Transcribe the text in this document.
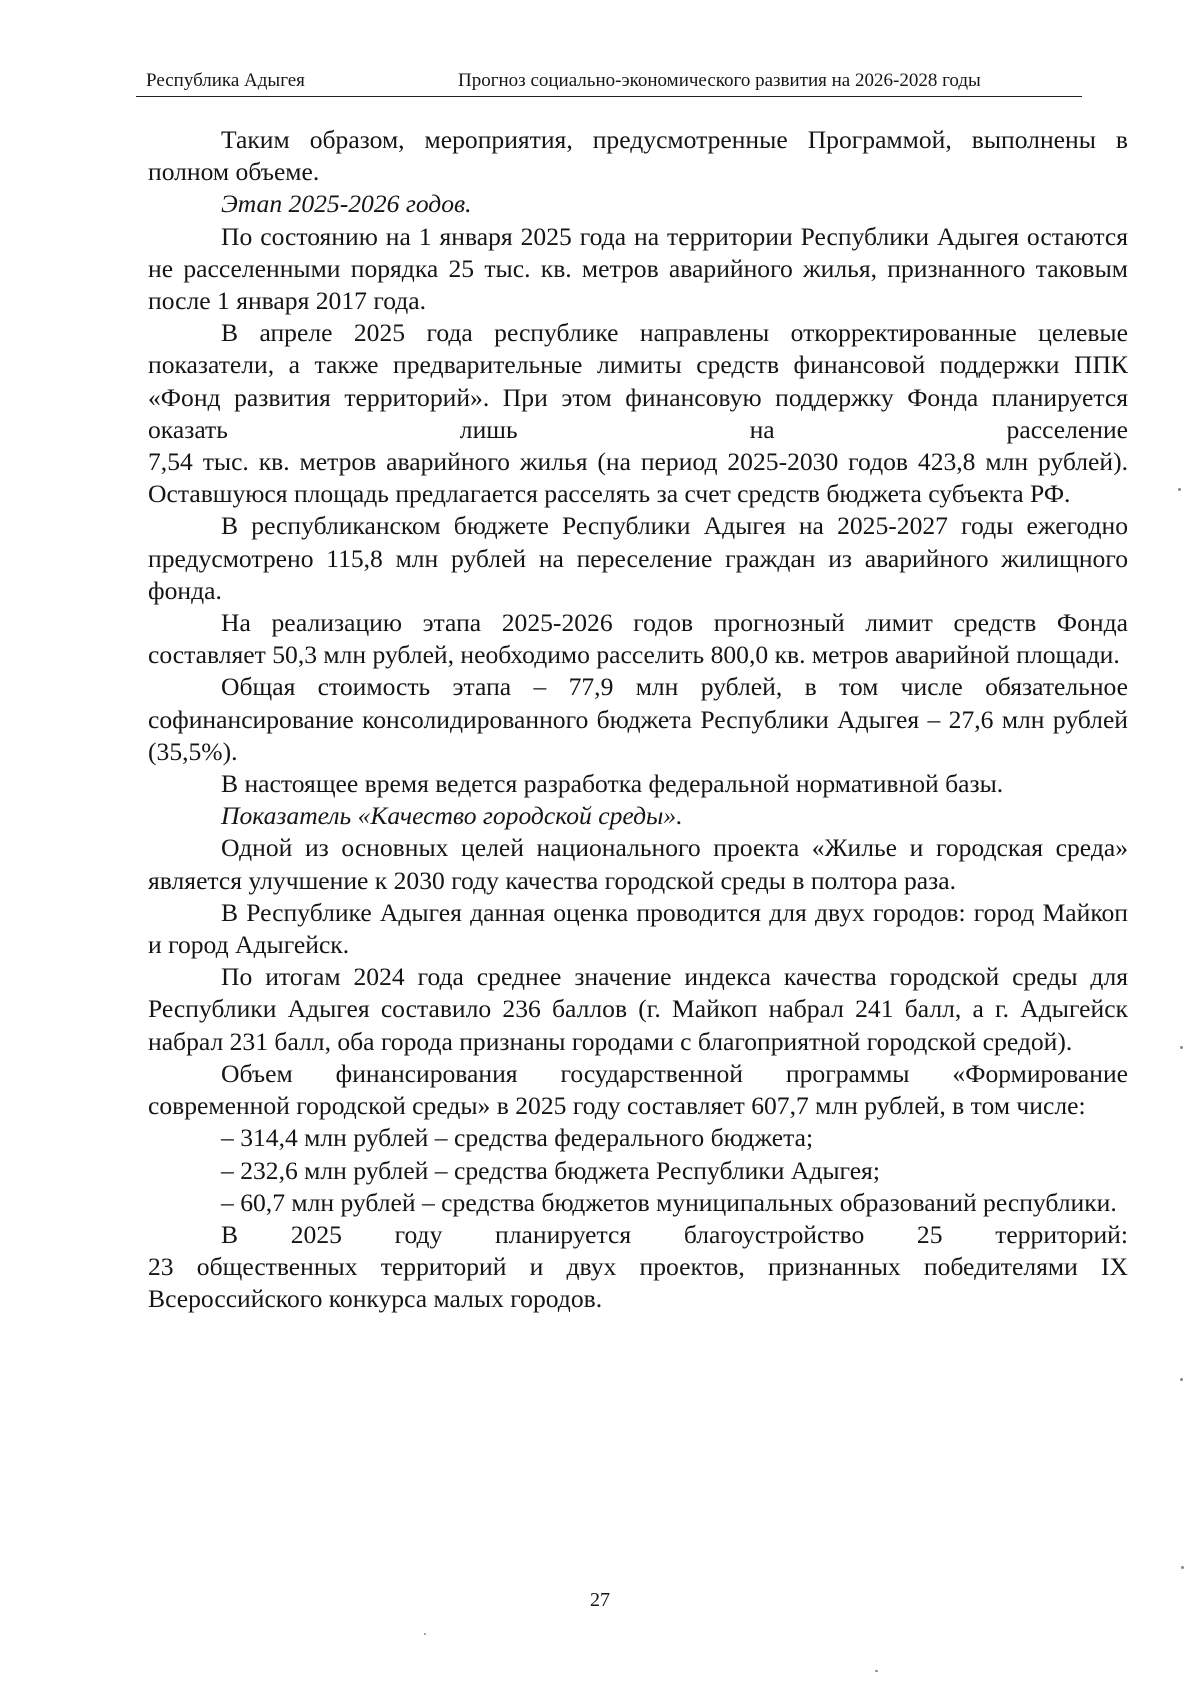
Республика Адыгея	Прогноз социально-экономического развития на 2026-2028 годы

Таким образом, мероприятия, предусмотренные Программой, выполнены в полном объеме.

Этап 2025-2026 годов.

По состоянию на 1 января 2025 года на территории Республики Адыгея остаются не расселенными порядка 25 тыс. кв. метров аварийного жилья, признанного таковым после 1 января 2017 года.

В апреле 2025 года республике направлены откорректированные целевые показатели, а также предварительные лимиты средств финансовой поддержки ППК «Фонд развития территорий». При этом финансовую поддержку Фонда планируется оказать лишь на расселение

7,54 тыс. кв. метров аварийного жилья (на период 2025-2030 годов 423,8 млн рублей). Оставшуюся площадь предлагается расселять за счет средств бюджета субъекта РФ.

В республиканском бюджете Республики Адыгея на 2025-2027 годы ежегодно предусмотрено 115,8 млн рублей на переселение граждан из аварийного жилищного фонда.

На реализацию этапа 2025-2026 годов прогнозный лимит средств Фонда составляет 50,3 млн рублей, необходимо расселить 800,0 кв. метров аварийной площади.

Общая стоимость этапа – 77,9 млн рублей, в том числе обязательное софинансирование консолидированного бюджета Республики Адыгея – 27,6 млн рублей (35,5%).

В настоящее время ведется разработка федеральной нормативной базы.

Показатель «Качество городской среды».

Одной из основных целей национального проекта «Жилье и городская среда» является улучшение к 2030 году качества городской среды в полтора раза.

В Республике Адыгея данная оценка проводится для двух городов: город Майкоп и город Адыгейск.

По итогам 2024 года среднее значение индекса качества городской среды для Республики Адыгея составило 236 баллов (г. Майкоп набрал 241 балл, а г. Адыгейск набрал 231 балл, оба города признаны городами с благоприятной городской средой).

Объем финансирования государственной программы «Формирование современной городской среды» в 2025 году составляет 607,7 млн рублей, в том числе:

– 314,4 млн рублей – средства федерального бюджета;

– 232,6 млн рублей – средства бюджета Республики Адыгея;

– 60,7 млн рублей – средства бюджетов муниципальных образований республики.

В 2025 году планируется благоустройство 25 территорий:

23 общественных территорий и двух проектов, признанных победителями IX Всероссийского конкурса малых городов.

27
